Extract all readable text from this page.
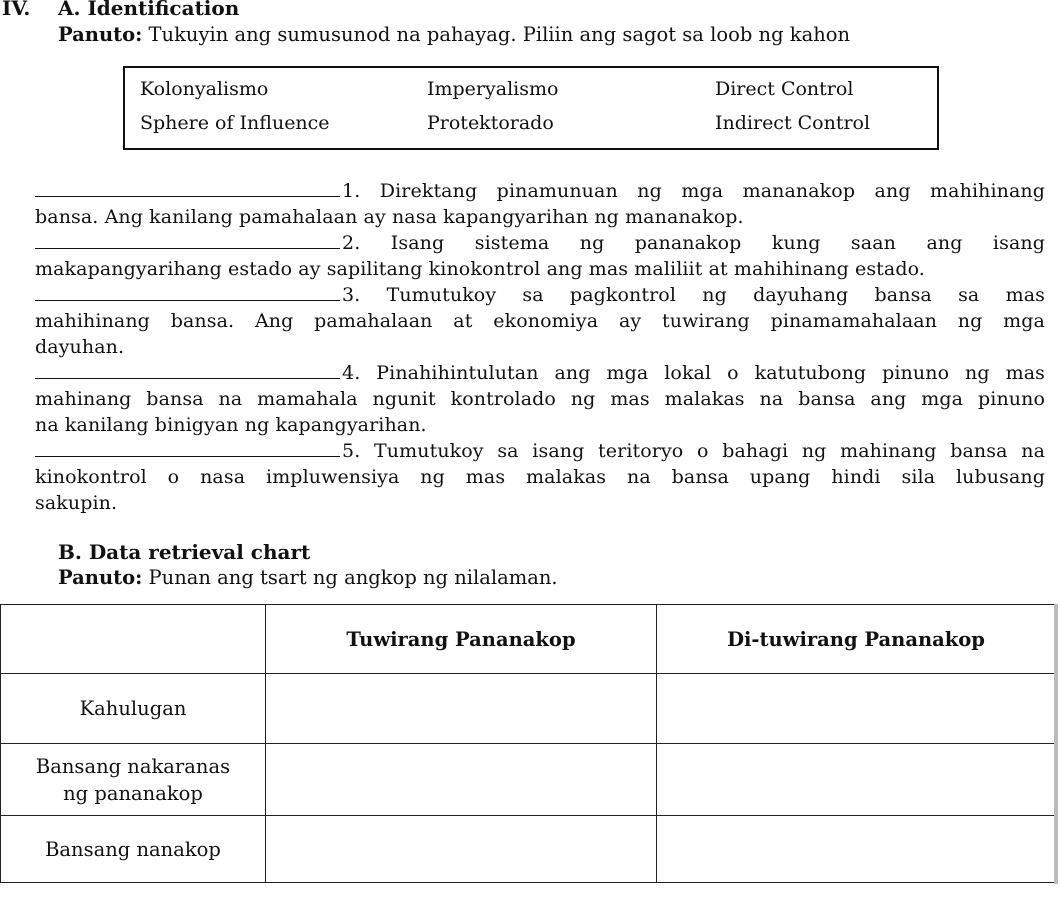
IV. A. Identification
Panuto: Tukuyin ang sumusunod na pahayag. Piliin ang sagot sa loob ng kahon
Kolonyalismo	Imperyalismo	Direct Control
Sphere of Influence	Protektorado	Indirect Control
1. Direktang pinamunuan ng mga mananakop ang mahihinang
bansa. Ang kanilang pamahalaan ay nasa kapangyarihan ng mananakop.
2. Isang sistema ng pananakop kung saan ang isang
makapangyarihang estado ay sapilitang kinokontrol ang mas maliliit at mahihinang estado.
3. Tumutukoy sa pagkontrol ng dayuhang bansa sa mas
mahihinang bansa. Ang pamahalaan at ekonomiya ay tuwirang pinamamahalaan ng mga
dayuhan.
4. Pinahihintulutan ang mga lokal o katutubong pinuno ng mas
mahinang bansa na mamahala ngunit kontrolado ng mas malakas na bansa ang mga pinuno
na kanilang binigyan ng kapangyarihan.
5. Tumutukoy sa isang teritoryo o bahagi ng mahinang bansa na
kinokontrol o nasa impluwensiya ng mas malakas na bansa upang hindi sila lubusang
sakupin.
B. Data retrieval chart
Panuto: Punan ang tsart ng angkop ng nilalaman.
	Tuwirang Pananakop	Di-tuwirang Pananakop
Kahulugan		
Bansang nakaranas
ng pananakop		
Bansang nanakop		
